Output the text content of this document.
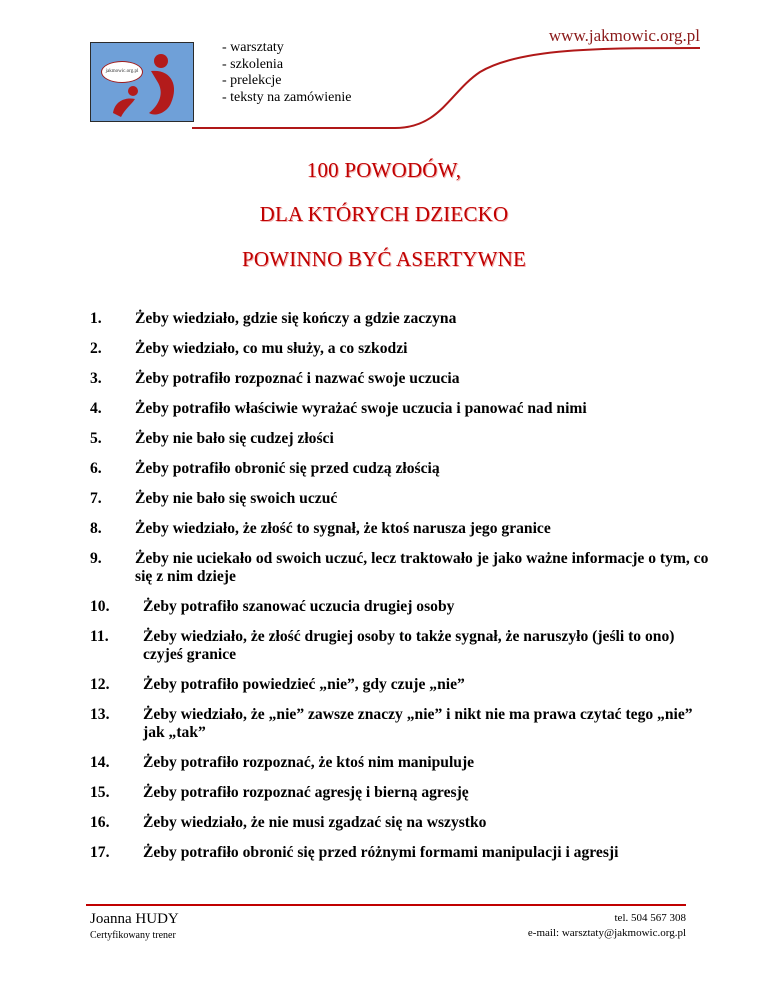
jakmowic.org.pl
- warsztaty
- szkolenia
- prelekcje
- teksty na zamówienie
www.jakmowic.org.pl
100 POWODÓW,
DLA KTÓRYCH DZIECKO
POWINNO BYĆ ASERTYWNE
1. Żeby wiedziało, gdzie się kończy a gdzie zaczyna
2. Żeby wiedziało, co mu służy, a co szkodzi
3. Żeby potrafiło rozpoznać i nazwać swoje uczucia
4. Żeby potrafiło właściwie wyrażać swoje uczucia i panować nad nimi
5. Żeby nie bało się cudzej złości
6. Żeby potrafiło obronić się przed cudzą złością
7. Żeby nie bało się swoich uczuć
8. Żeby wiedziało, że złość to sygnał, że ktoś narusza jego granice
9. Żeby nie uciekało od swoich uczuć, lecz traktowało je jako ważne informacje o tym, co się z nim dzieje
10. Żeby potrafiło szanować uczucia drugiej osoby
11. Żeby wiedziało, że złość drugiej osoby to także sygnał, że naruszyło (jeśli to ono) czyjeś granice
12. Żeby potrafiło powiedzieć „nie”, gdy czuje „nie”
13. Żeby wiedziało, że „nie” zawsze znaczy „nie” i nikt nie ma prawa czytać tego „nie” jak „tak”
14. Żeby potrafiło rozpoznać, że ktoś nim manipuluje
15. Żeby potrafiło rozpoznać agresję i bierną agresję
16. Żeby wiedziało, że nie musi zgadzać się na wszystko
17. Żeby potrafiło obronić się przed różnymi formami manipulacji i agresji
Joanna HUDY
Certyfikowany trener
tel. 504 567 308
e-mail: warsztaty@jakmowic.org.pl
